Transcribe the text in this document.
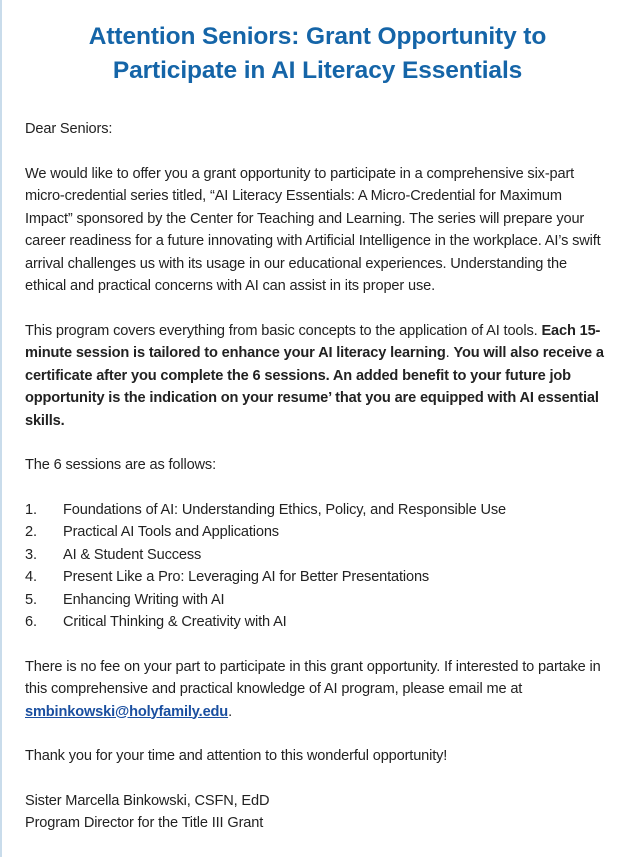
Attention Seniors: Grant Opportunity to Participate in AI Literacy Essentials

Dear Seniors:

We would like to offer you a grant opportunity to participate in a comprehensive six-part micro-credential series titled, “AI Literacy Essentials: A Micro-Credential for Maximum Impact” sponsored by the Center for Teaching and Learning. The series will prepare your career readiness for a future innovating with Artificial Intelligence in the workplace. AI’s swift arrival challenges us with its usage in our educational experiences. Understanding the ethical and practical concerns with AI can assist in its proper use.

This program covers everything from basic concepts to the application of AI tools. Each 15-minute session is tailored to enhance your AI literacy learning. You will also receive a certificate after you complete the 6 sessions. An added benefit to your future job opportunity is the indication on your resume’ that you are equipped with AI essential skills.

The 6 sessions are as follows:

1.	Foundations of AI: Understanding Ethics, Policy, and Responsible Use
2.	Practical AI Tools and Applications
3.	AI & Student Success
4.	Present Like a Pro: Leveraging AI for Better Presentations
5.	Enhancing Writing with AI
6.	Critical Thinking & Creativity with AI

There is no fee on your part to participate in this grant opportunity. If interested to partake in this comprehensive and practical knowledge of AI program, please email me at smbinkowski@holyfamily.edu.

Thank you for your time and attention to this wonderful opportunity!

Sister Marcella Binkowski, CSFN, EdD
Program Director for the Title III Grant
